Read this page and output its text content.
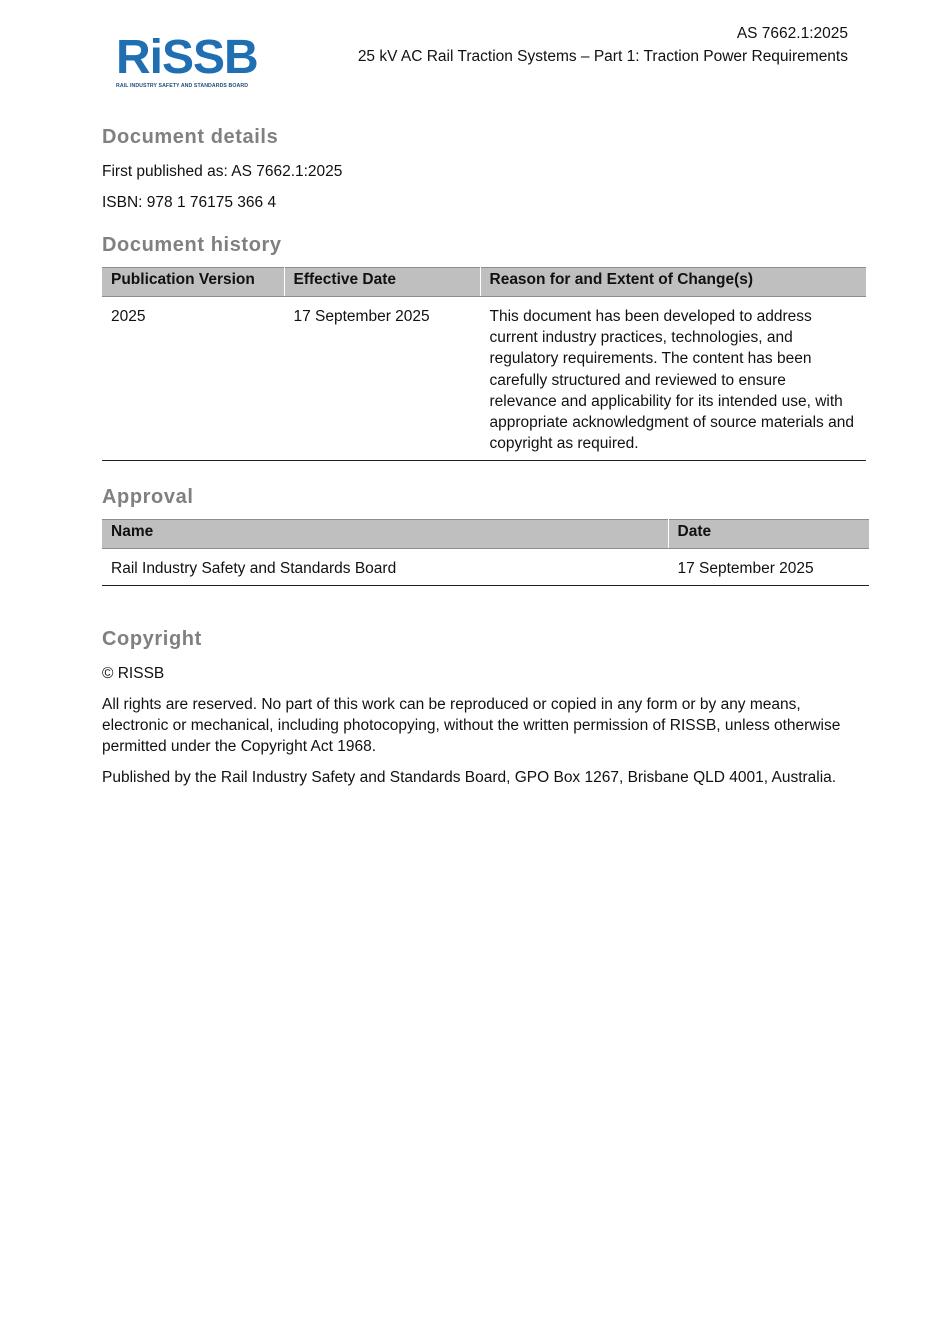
RiSSB
RAIL INDUSTRY SAFETY AND STANDARDS BOARD
AS 7662.1:2025
25 kV AC Rail Traction Systems – Part 1: Traction Power Requirements
Document details

First published as: AS 7662.1:2025

ISBN: 978 1 76175 366 4

Document history
Publication Version	Effective Date	Reason for and Extent of Change(s)
2025	17 September 2025	This document has been developed to address current industry practices, technologies, and regulatory requirements. The content has been carefully structured and reviewed to ensure relevance and applicability for its intended use, with appropriate acknowledgment of source materials and copyright as required.
Approval
Name	Date
Rail Industry Safety and Standards Board	17 September 2025
Copyright

© RISSB

All rights are reserved. No part of this work can be reproduced or copied in any form or by any means, electronic or mechanical, including photocopying, without the written permission of RISSB, unless otherwise permitted under the Copyright Act 1968.

Published by the Rail Industry Safety and Standards Board, GPO Box 1267, Brisbane QLD 4001, Australia.
